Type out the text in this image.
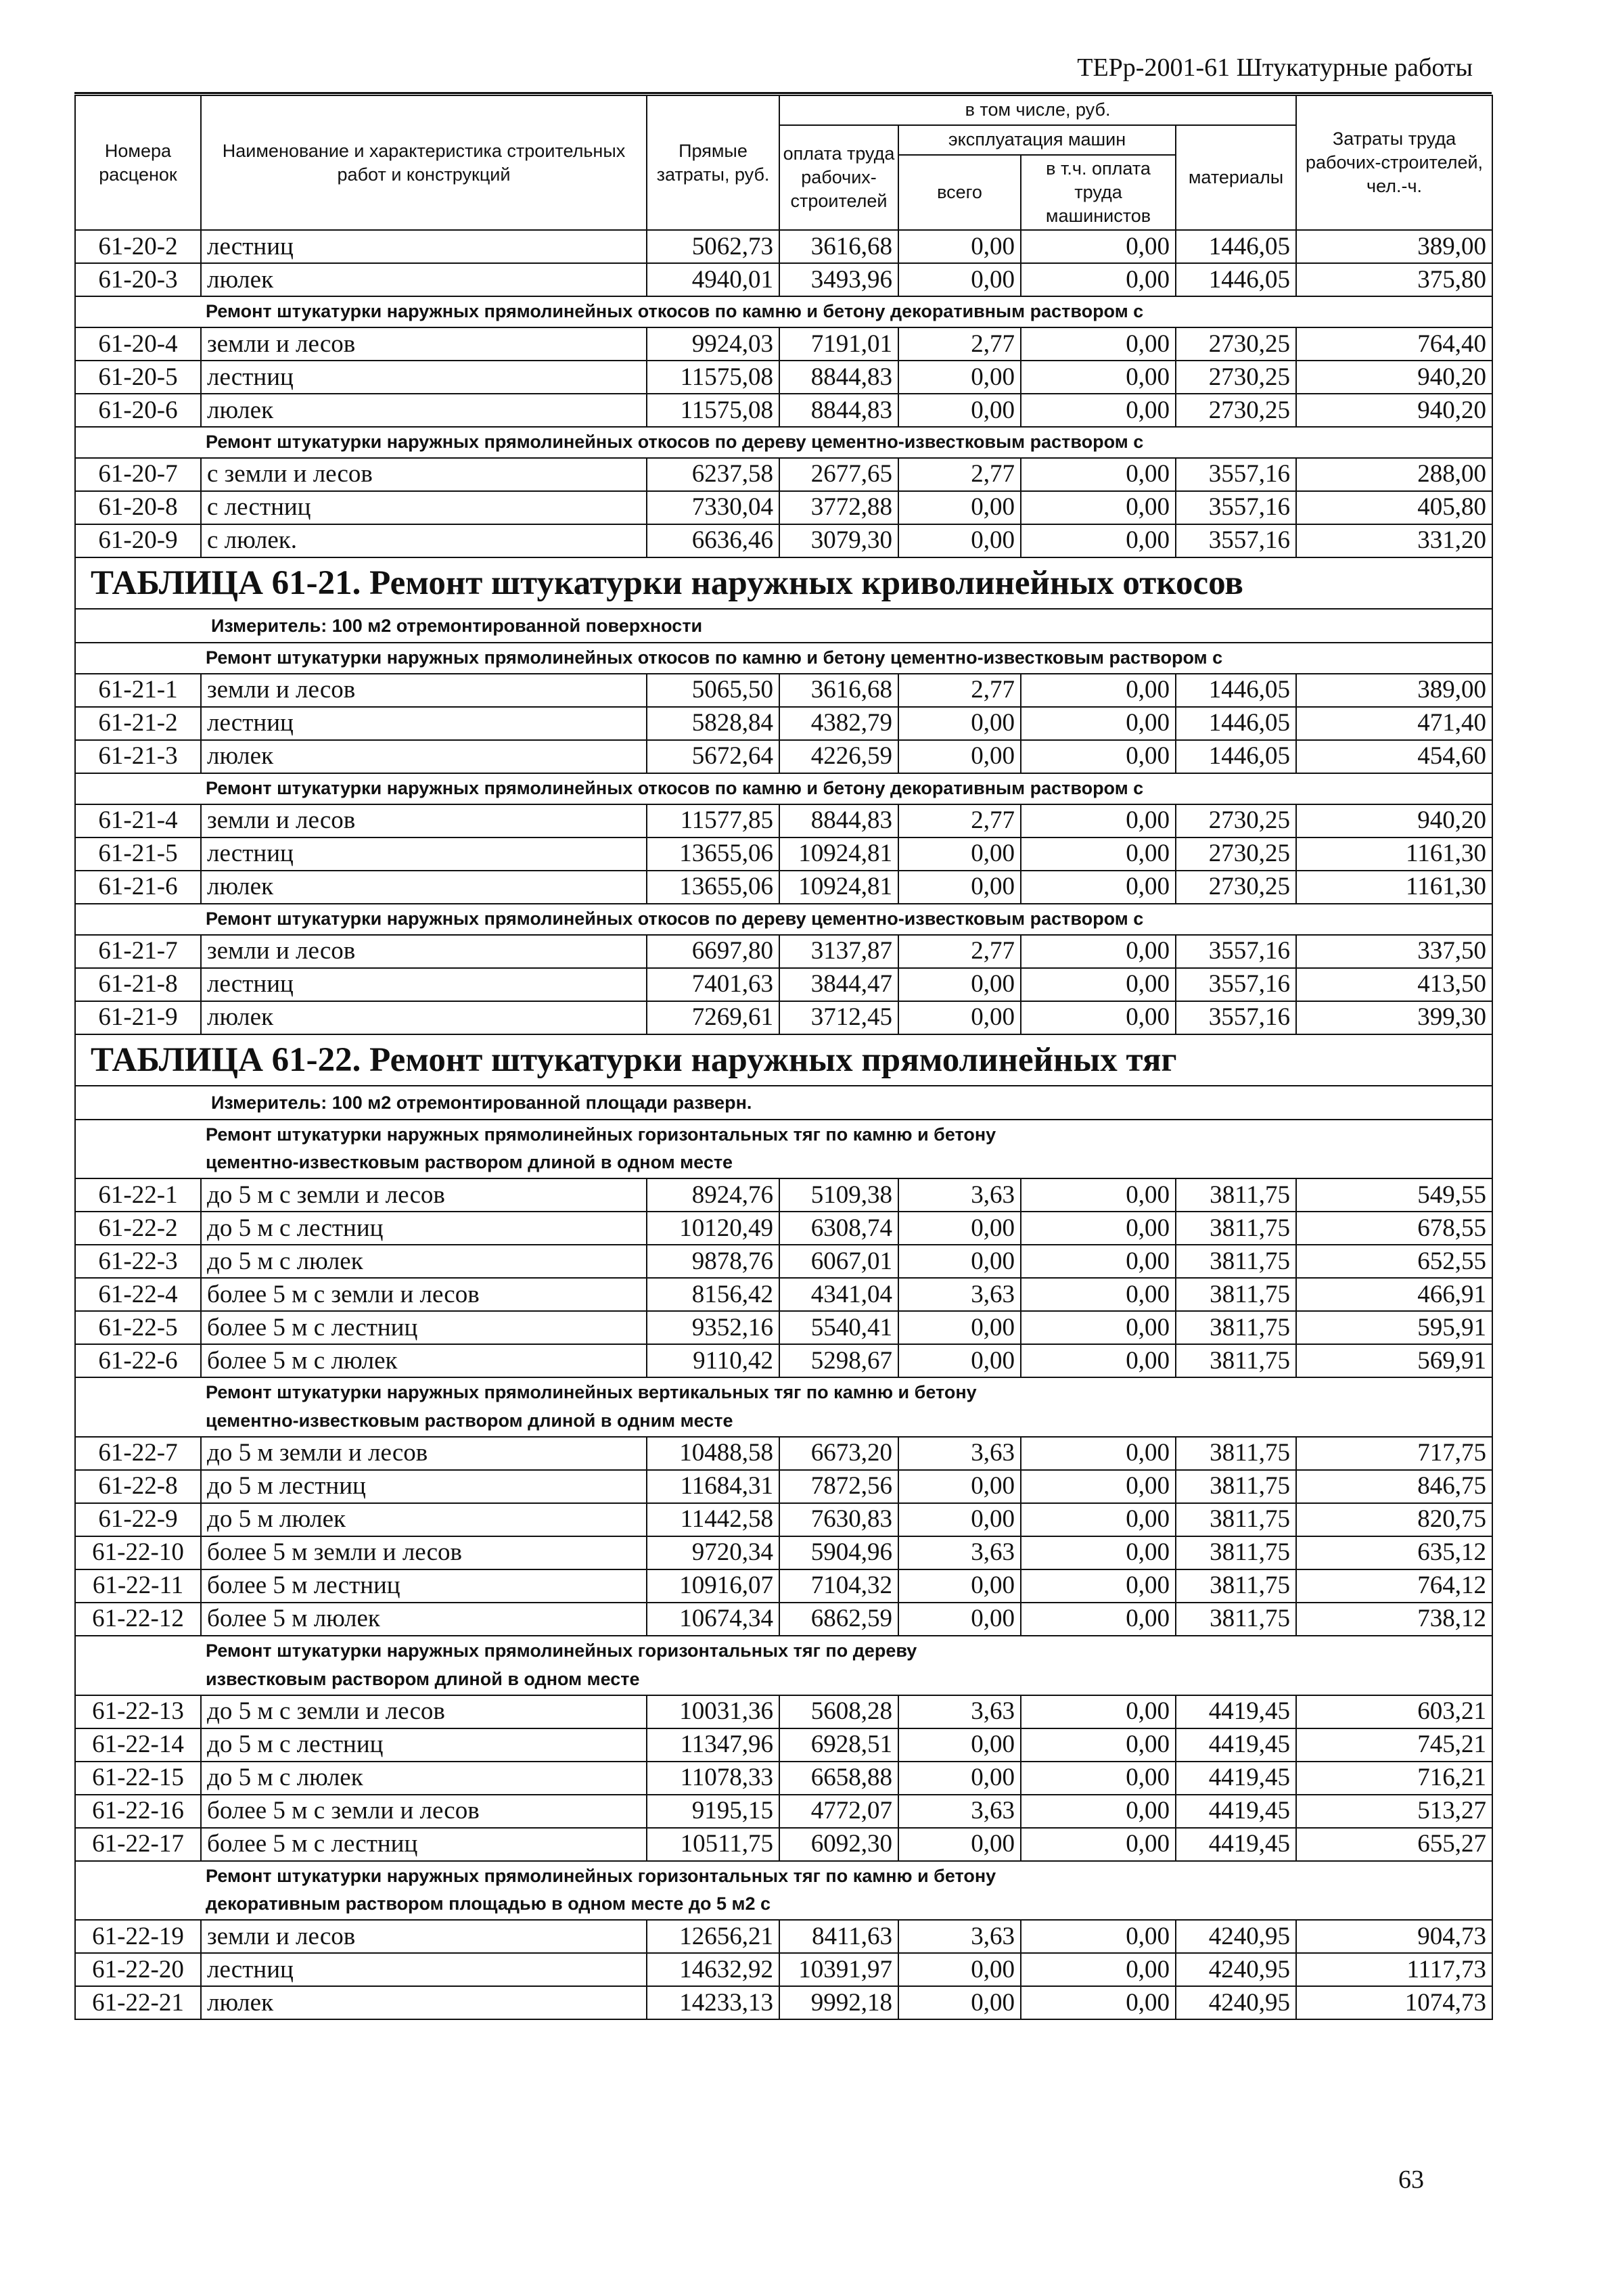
ТЕРр-2001-61 Штукатурные работы
Номера расценок	Наименование и характеристика строительных работ и конструкций	Прямые затраты, руб.	в том числе, руб.				Затраты труда рабочих-строителей, чел.-ч.
			оплата труда рабочих-строителей	эксплуатация машин		материалы	
				всего	в т.ч. оплата труда машинистов		

61-20-2	лестниц	5062,73	3616,68	0,00	0,00	1446,05	389,00
61-20-3	люлек	4940,01	3493,96	0,00	0,00	1446,05	375,80
Ремонт штукатурки наружных прямолинейных откосов по камню и бетону декоративным раствором с							
61-20-4	земли и лесов	9924,03	7191,01	2,77	0,00	2730,25	764,40
61-20-5	лестниц	11575,08	8844,83	0,00	0,00	2730,25	940,20
61-20-6	люлек	11575,08	8844,83	0,00	0,00	2730,25	940,20
Ремонт штукатурки наружных прямолинейных откосов по дереву цементно-известковым раствором с							
61-20-7	с земли и лесов	6237,58	2677,65	2,77	0,00	3557,16	288,00
61-20-8	с лестниц	7330,04	3772,88	0,00	0,00	3557,16	405,80
61-20-9	с люлек.	6636,46	3079,30	0,00	0,00	3557,16	331,20
ТАБЛИЦА 61-21. Ремонт штукатурки наружных криволинейных откосов							
Измеритель: 100 м2 отремонтированной поверхности							
Ремонт штукатурки наружных прямолинейных откосов по камню и бетону цементно-известковым раствором с							
61-21-1	земли и лесов	5065,50	3616,68	2,77	0,00	1446,05	389,00
61-21-2	лестниц	5828,84	4382,79	0,00	0,00	1446,05	471,40
61-21-3	люлек	5672,64	4226,59	0,00	0,00	1446,05	454,60
Ремонт штукатурки наружных прямолинейных откосов по камню и бетону декоративным раствором с							
61-21-4	земли и лесов	11577,85	8844,83	2,77	0,00	2730,25	940,20
61-21-5	лестниц	13655,06	10924,81	0,00	0,00	2730,25	1161,30
61-21-6	люлек	13655,06	10924,81	0,00	0,00	2730,25	1161,30
Ремонт штукатурки наружных прямолинейных откосов по дереву цементно-известковым раствором с							
61-21-7	земли и лесов	6697,80	3137,87	2,77	0,00	3557,16	337,50
61-21-8	лестниц	7401,63	3844,47	0,00	0,00	3557,16	413,50
61-21-9	люлек	7269,61	3712,45	0,00	0,00	3557,16	399,30
ТАБЛИЦА 61-22. Ремонт штукатурки наружных прямолинейных тяг							
Измеритель: 100 м2 отремонтированной площади разверн.							
Ремонт штукатурки наружных прямолинейных горизонтальных тяг по камню и бетону
цементно-известковым раствором длиной в одном месте							
61-22-1	до 5 м с земли и лесов	8924,76	5109,38	3,63	0,00	3811,75	549,55
61-22-2	до 5 м с лестниц	10120,49	6308,74	0,00	0,00	3811,75	678,55
61-22-3	до 5 м с люлек	9878,76	6067,01	0,00	0,00	3811,75	652,55
61-22-4	более 5 м с земли и лесов	8156,42	4341,04	3,63	0,00	3811,75	466,91
61-22-5	более 5 м с лестниц	9352,16	5540,41	0,00	0,00	3811,75	595,91
61-22-6	более 5 м с люлек	9110,42	5298,67	0,00	0,00	3811,75	569,91
Ремонт штукатурки наружных прямолинейных вертикальных тяг по камню и бетону
цементно-известковым раствором длиной в одним месте							
61-22-7	до 5 м земли и лесов	10488,58	6673,20	3,63	0,00	3811,75	717,75
61-22-8	до 5 м лестниц	11684,31	7872,56	0,00	0,00	3811,75	846,75
61-22-9	до 5 м люлек	11442,58	7630,83	0,00	0,00	3811,75	820,75
61-22-10	более 5 м земли и лесов	9720,34	5904,96	3,63	0,00	3811,75	635,12
61-22-11	более 5 м лестниц	10916,07	7104,32	0,00	0,00	3811,75	764,12
61-22-12	более 5 м люлек	10674,34	6862,59	0,00	0,00	3811,75	738,12
Ремонт штукатурки наружных прямолинейных горизонтальных тяг по дереву
известковым раствором длиной в одном месте							
61-22-13	до 5 м с земли и лесов	10031,36	5608,28	3,63	0,00	4419,45	603,21
61-22-14	до 5 м с лестниц	11347,96	6928,51	0,00	0,00	4419,45	745,21
61-22-15	до 5 м с люлек	11078,33	6658,88	0,00	0,00	4419,45	716,21
61-22-16	более 5 м с земли и лесов	9195,15	4772,07	3,63	0,00	4419,45	513,27
61-22-17	более 5 м с лестниц	10511,75	6092,30	0,00	0,00	4419,45	655,27
Ремонт штукатурки наружных прямолинейных горизонтальных тяг по камню и бетону
декоративным раствором площадью в одном месте до 5 м2 с							
61-22-19	земли и лесов	12656,21	8411,63	3,63	0,00	4240,95	904,73
61-22-20	лестниц	14632,92	10391,97	0,00	0,00	4240,95	1117,73
61-22-21	люлек	14233,13	9992,18	0,00	0,00	4240,95	1074,73
63
